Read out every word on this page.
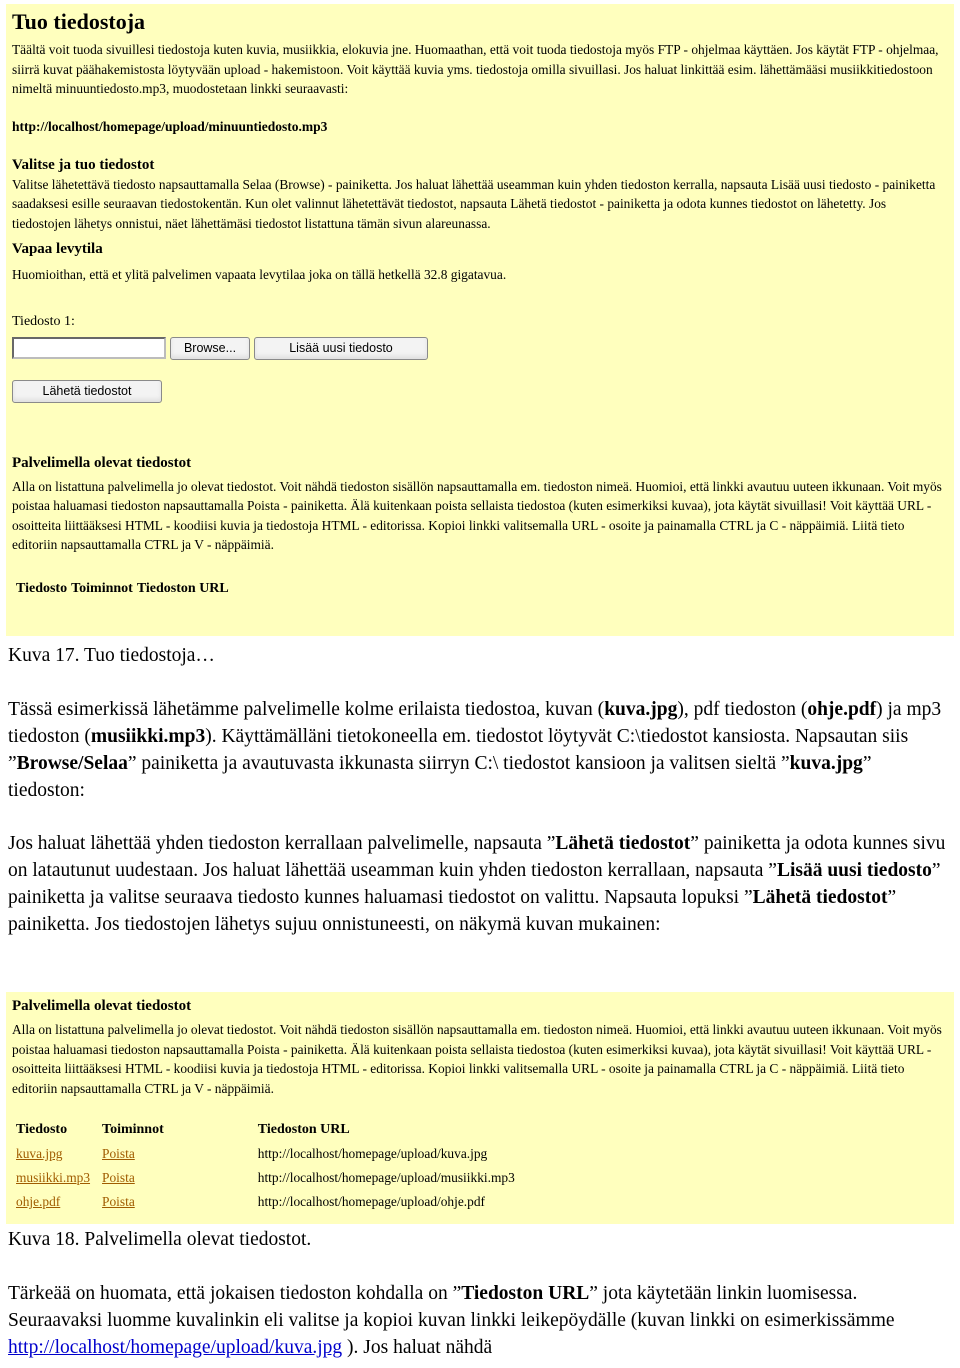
Tuo tiedostoja

Täältä voit tuoda sivuillesi tiedostoja kuten kuvia, musiikkia, elokuvia jne. Huomaathan, että voit tuoda tiedostoja myös FTP - ohjelmaa käyttäen. Jos käytät FTP - ohjelmaa, siirrä kuvat päähakemistosta löytyvään upload - hakemistoon. Voit käyttää kuvia yms. tiedostoja omilla sivuillasi. Jos haluat linkittää esim. lähettämääsi musiikkitiedostoon nimeltä minuuntiedosto.mp3, muodostetaan linkki seuraavasti:

http://localhost/homepage/upload/minuuntiedosto.mp3
Valitse ja tuo tiedostot

Valitse lähetettävä tiedosto napsauttamalla Selaa (Browse) - painiketta. Jos haluat lähettää useamman kuin yhden tiedoston kerralla, napsauta Lisää uusi tiedosto - painiketta saadaksesi esille seuraavan tiedostokentän. Kun olet valinnut lähetettävät tiedostot, napsauta Lähetä tiedostot - painiketta ja odota kunnes tiedostot on lähetetty. Jos tiedostojen lähetys onnistui, näet lähettämäsi tiedostot listattuna tämän sivun alareunassa.

Vapaa levytila

Huomioithan, että et ylitä palvelimen vapaata levytilaa joka on tällä hetkellä 32.8 gigatavua.

Tiedosto 1:
Browse...	Lisää uusi tiedosto
Lähetä tiedostot
Palvelimella olevat tiedostot

Alla on listattuna palvelimella jo olevat tiedostot. Voit nähdä tiedoston sisällön napsauttamalla em. tiedoston nimeä. Huomioi, että linkki avautuu uuteen ikkunaan. Voit myös poistaa haluamasi tiedoston napsauttamalla Poista - painiketta. Älä kuitenkaan poista sellaista tiedostoa (kuten esimerkiksi kuvaa), jota käytät sivuillasi! Voit käyttää URL - osoitteita liittääksesi HTML - koodiisi kuvia ja tiedostoja HTML - editorissa. Kopioi linkki valitsemalla URL - osoite ja painamalla CTRL ja C - näppäimiä. Liitä tieto editoriin napsauttamalla CTRL ja V - näppäimiä.

Tiedosto Toiminnot Tiedoston URL
Kuva 17. Tuo tiedostoja…

Tässä esimerkissä lähetämme palvelimelle kolme erilaista tiedostoa, kuvan (kuva.jpg), pdf tiedoston (ohje.pdf) ja mp3 tiedoston (musiikki.mp3). Käyttämälläni tietokoneella em. tiedostot löytyvät C:\tiedostot kansiosta. Napsautan siis ”Browse/Selaa” painiketta ja avautuvasta ikkunasta siirryn C:\ tiedostot kansioon ja valitsen sieltä ”kuva.jpg” tiedoston:

Jos haluat lähettää yhden tiedoston kerrallaan palvelimelle, napsauta ”Lähetä tiedostot” painiketta ja odota kunnes sivu on latautunut uudestaan. Jos haluat lähettää useamman kuin yhden tiedoston kerrallaan, napsauta ”Lisää uusi tiedosto” painiketta ja valitse seuraava tiedosto kunnes haluamasi tiedostot on valittu. Napsauta lopuksi ”Lähetä tiedostot” painiketta. Jos tiedostojen lähetys sujuu onnistuneesti, on näkymä kuvan mukainen:

Palvelimella olevat tiedostot

Alla on listattuna palvelimella jo olevat tiedostot. Voit nähdä tiedoston sisällön napsauttamalla em. tiedoston nimeä. Huomioi, että linkki avautuu uuteen ikkunaan. Voit myös poistaa haluamasi tiedoston napsauttamalla Poista - painiketta. Älä kuitenkaan poista sellaista tiedostoa (kuten esimerkiksi kuvaa), jota käytät sivuillasi! Voit käyttää URL - osoitteita liittääksesi HTML - koodiisi kuvia ja tiedostoja HTML - editorissa. Kopioi linkki valitsemalla URL - osoite ja painamalla CTRL ja C - näppäimiä. Liitä tieto editoriin napsauttamalla CTRL ja V - näppäimiä.

Tiedosto	Toiminnot	Tiedoston URL
kuva.jpg	Poista	http://localhost/homepage/upload/kuva.jpg
musiikki.mp3	Poista	http://localhost/homepage/upload/musiikki.mp3
ohje.pdf	Poista	http://localhost/homepage/upload/ohje.pdf
Kuva 18. Palvelimella olevat tiedostot.

Tärkeää on huomata, että jokaisen tiedoston kohdalla on ”Tiedoston URL” jota käytetään linkin luomisessa. Seuraavaksi luomme kuvalinkin eli valitse ja kopioi kuvan linkki leikepöydälle (kuvan linkki on esimerkissämme http://localhost/homepage/upload/kuva.jpg ). Jos haluat nähdä
